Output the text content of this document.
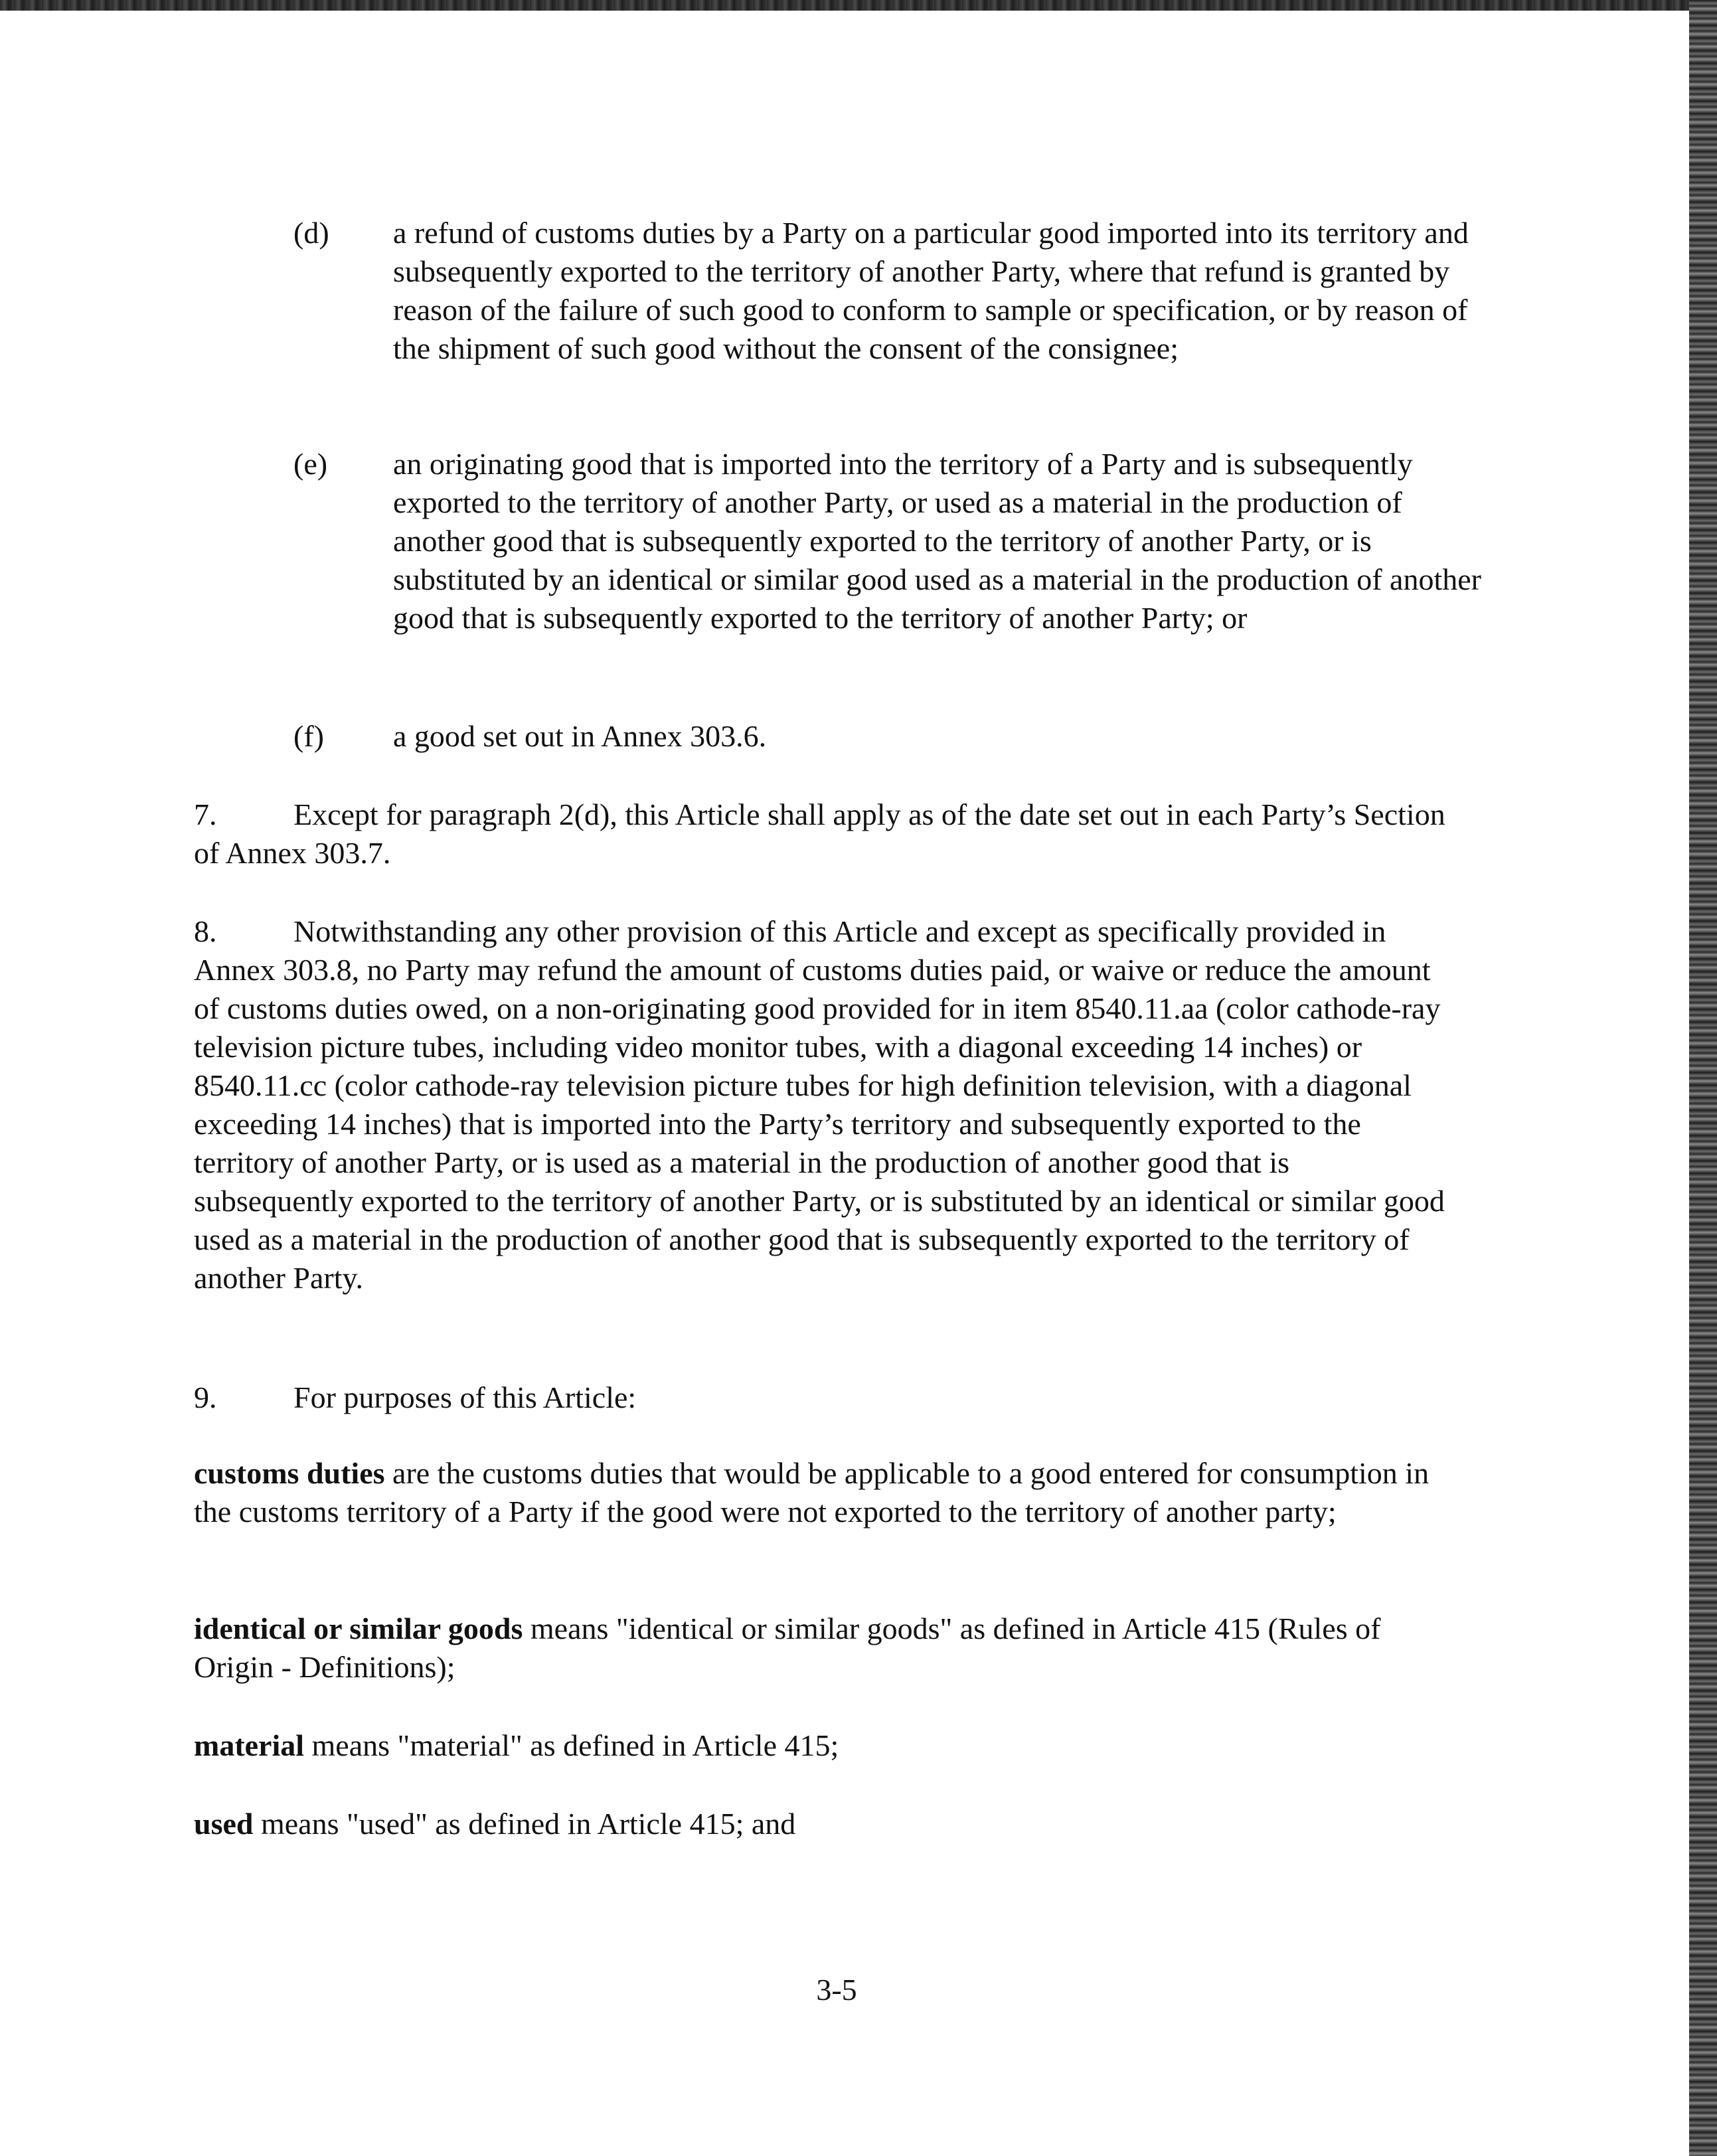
(d) a refund of customs duties by a Party on a particular good imported into its territory and subsequently exported to the territory of another Party, where that refund is granted by reason of the failure of such good to conform to sample or specification, or by reason of the shipment of such good without the consent of the consignee;
(e) an originating good that is imported into the territory of a Party and is subsequently exported to the territory of another Party, or used as a material in the production of another good that is subsequently exported to the territory of another Party, or is substituted by an identical or similar good used as a material in the production of another good that is subsequently exported to the territory of another Party; or
(f) a good set out in Annex 303.6.
7.	Except for paragraph 2(d), this Article shall apply as of the date set out in each Party’s Section of Annex 303.7.
8.	Notwithstanding any other provision of this Article and except as specifically provided in Annex 303.8, no Party may refund the amount of customs duties paid, or waive or reduce the amount of customs duties owed, on a non-originating good provided for in item 8540.11.aa (color cathode-ray television picture tubes, including video monitor tubes, with a diagonal exceeding 14 inches) or 8540.11.cc (color cathode-ray television picture tubes for high definition television, with a diagonal exceeding 14 inches) that is imported into the Party’s territory and subsequently exported to the territory of another Party, or is used as a material in the production of another good that is subsequently exported to the territory of another Party, or is substituted by an identical or similar good used as a material in the production of another good that is subsequently exported to the territory of another Party.
9.	For purposes of this Article:
customs duties are the customs duties that would be applicable to a good entered for consumption in the customs territory of a Party if the good were not exported to the territory of another party;
identical or similar goods means "identical or similar goods" as defined in Article 415 (Rules of Origin - Definitions);
material means "material" as defined in Article 415;
used means "used" as defined in Article 415; and
3-5
